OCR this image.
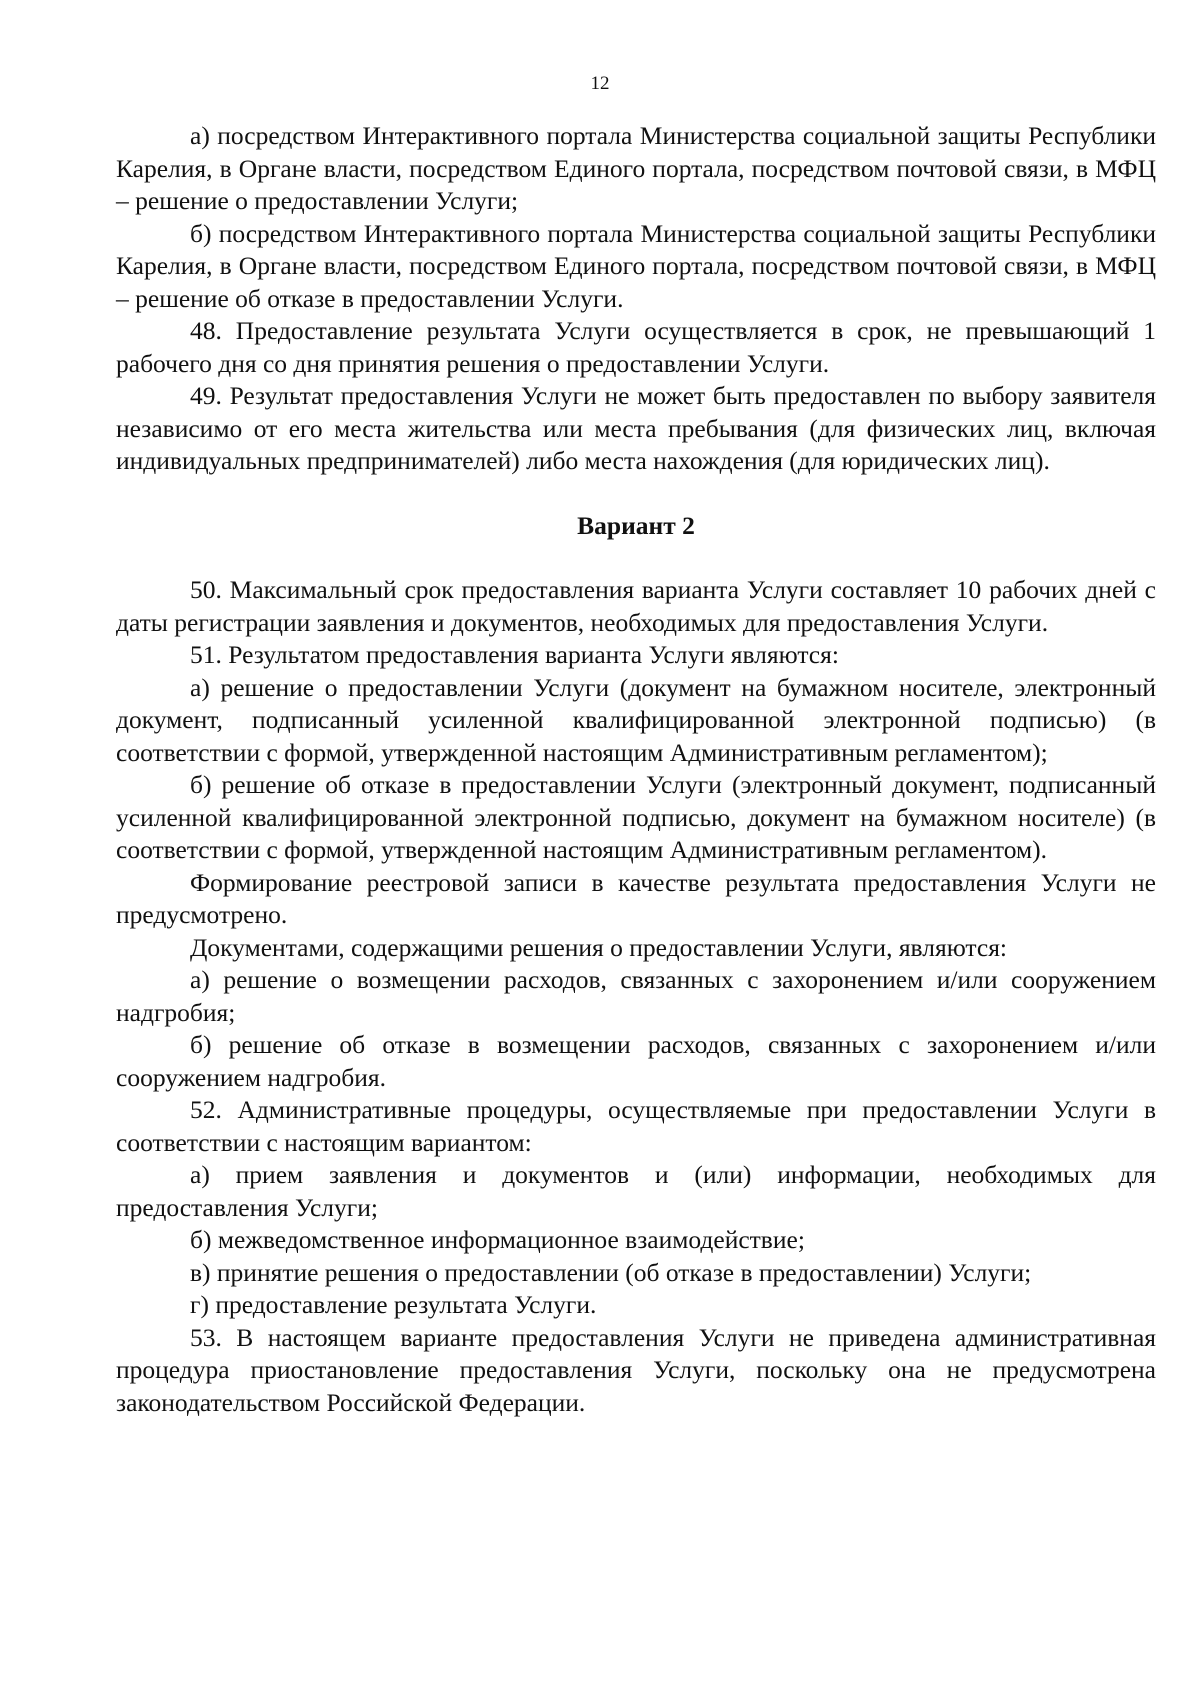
12

а) посредством Интерактивного портала Министерства социальной защиты Республики Карелия, в Органе власти, посредством Единого портала, посредством почтовой связи, в МФЦ – решение о предоставлении Услуги;

б) посредством Интерактивного портала Министерства социальной защиты Республики Карелия, в Органе власти, посредством Единого портала, посредством почтовой связи, в МФЦ – решение об отказе в предоставлении Услуги.

48. Предоставление результата Услуги осуществляется в срок, не превышающий 1 рабочего дня со дня принятия решения о предоставлении Услуги.

49. Результат предоставления Услуги не может быть предоставлен по выбору заявителя независимо от его места жительства или места пребывания (для физических лиц, включая индивидуальных предпринимателей) либо места нахождения (для юридических лиц).

Вариант 2

50. Максимальный срок предоставления варианта Услуги составляет 10 рабочих дней с даты регистрации заявления и документов, необходимых для предоставления Услуги.

51. Результатом предоставления варианта Услуги являются:

а) решение о предоставлении Услуги (документ на бумажном носителе, электронный документ, подписанный усиленной квалифицированной электронной подписью) (в соответствии с формой, утвержденной настоящим Административным регламентом);

б) решение об отказе в предоставлении Услуги (электронный документ, подписанный усиленной квалифицированной электронной подписью, документ на бумажном носителе) (в соответствии с формой, утвержденной настоящим Административным регламентом).

Формирование реестровой записи в качестве результата предоставления Услуги не предусмотрено.

Документами, содержащими решения о предоставлении Услуги, являются:

а) решение о возмещении расходов, связанных с захоронением и/или сооружением надгробия;

б) решение об отказе в возмещении расходов, связанных с захоронением и/или сооружением надгробия.

52. Административные процедуры, осуществляемые при предоставлении Услуги в соответствии с настоящим вариантом:

а) прием заявления и документов и (или) информации, необходимых для предоставления Услуги;

б) межведомственное информационное взаимодействие;

в) принятие решения о предоставлении (об отказе в предоставлении) Услуги;

г) предоставление результата Услуги.

53. В настоящем варианте предоставления Услуги не приведена административная процедура приостановление предоставления Услуги, поскольку она не предусмотрена законодательством Российской Федерации.
